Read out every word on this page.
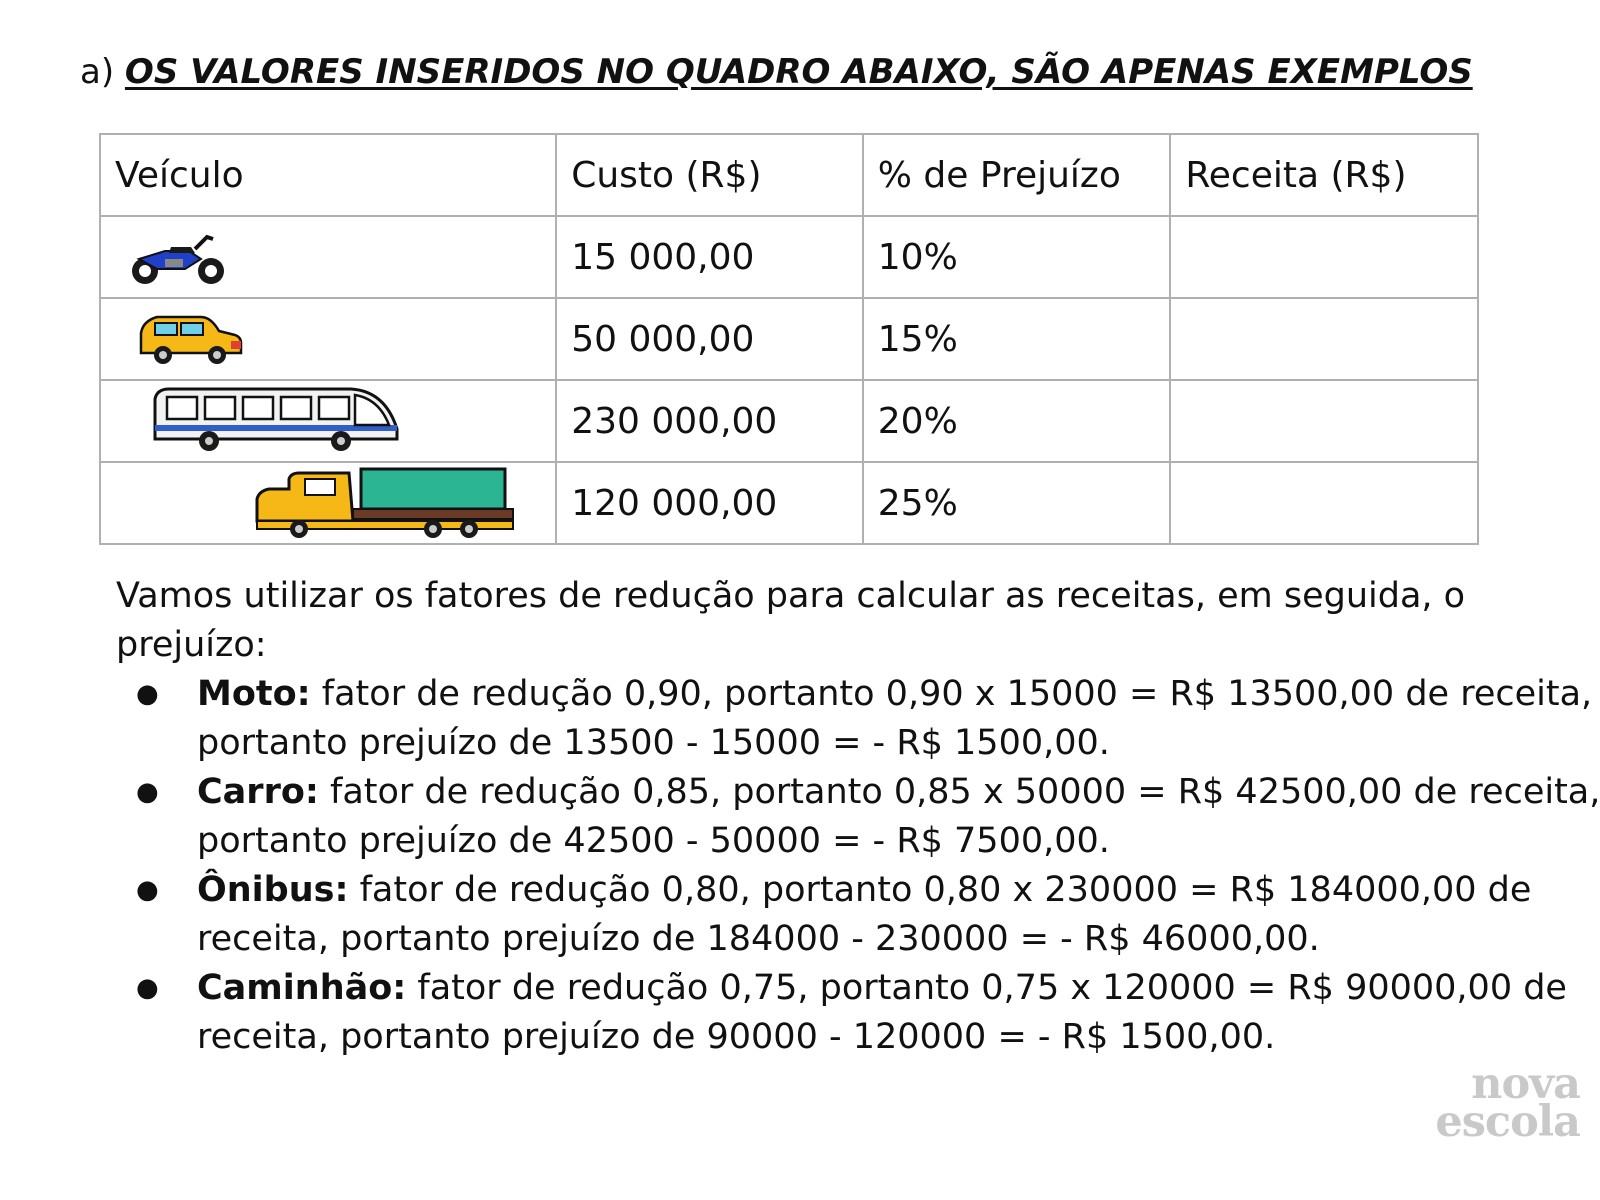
a) OS VALORES INSERIDOS NO QUADRO ABAIXO, SÃO APENAS EXEMPLOS
Veículo	Custo (R$)	% de Prejuízo	Receita (R$)

	15 000,00	10%	

	50 000,00	15%	

	230 000,00	20%	

	120 000,00	25%	

Vamos utilizar os fatores de redução para calcular as receitas, em seguida, o prejuízo:

● Moto: fator de redução 0,90, portanto 0,90 x 15000 = R$ 13500,00 de receita, portanto prejuízo de 13500 - 15000 = - R$ 1500,00.
● Carro: fator de redução 0,85, portanto 0,85 x 50000 = R$ 42500,00 de receita, portanto prejuízo de 42500 - 50000 = - R$ 7500,00.
● Ônibus: fator de redução 0,80, portanto 0,80 x 230000 = R$ 184000,00 de receita, portanto prejuízo de 184000 - 230000 = - R$ 46000,00.
● Caminhão: fator de redução 0,75, portanto 0,75 x 120000 = R$ 90000,00 de receita, portanto prejuízo de 90000 - 120000 = - R$ 1500,00.
nova
escola
